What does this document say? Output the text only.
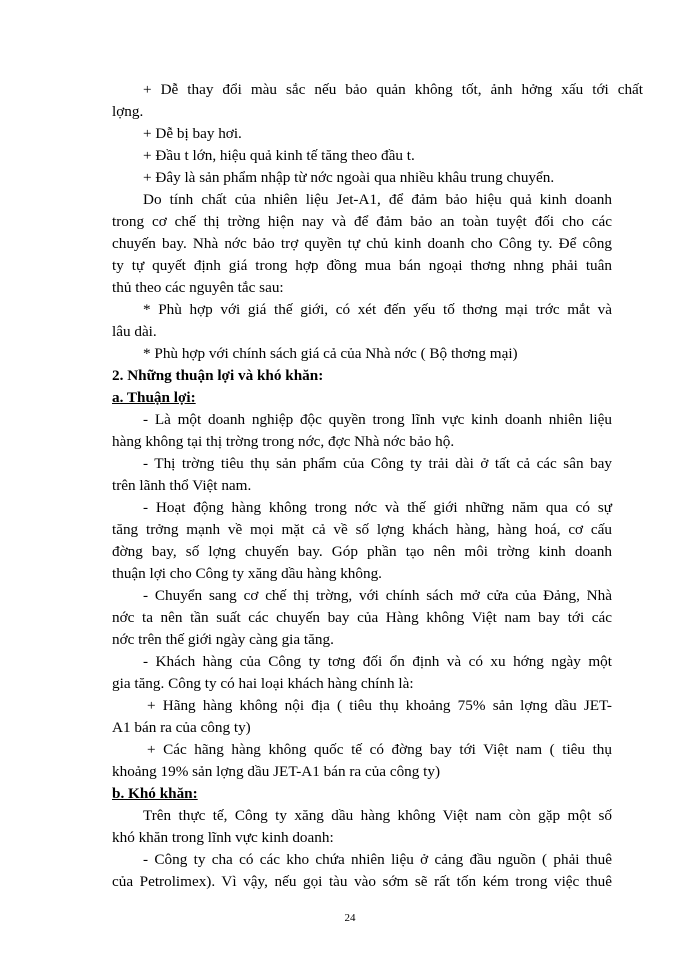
+ Dễ thay đổi màu sắc nếu bảo quản không tốt, ảnh hởng xấu tới chất
lợng.
+ Dễ bị bay hơi.
+ Đầu t lớn, hiệu quả kinh tế tăng theo đầu t.
+ Đây là sản phẩm nhập từ nớc ngoài qua nhiều khâu trung chuyển.
Do tính chất của nhiên liệu Jet-A1, để đảm bảo hiệu quả kinh doanh
trong cơ chế thị trờng hiện nay và để đảm bảo an toàn tuyệt đối cho các
chuyến bay. Nhà nớc bảo trợ quyền tự chủ kinh doanh cho Công ty. Để công
ty tự quyết định giá trong hợp đồng mua bán ngoại thơng nhng phải tuân
thủ theo các nguyên tắc sau:
* Phù hợp với giá thế giới, có xét đến yếu tố thơng mại trớc mắt và
lâu dài.
* Phù hợp với chính sách giá cả của Nhà nớc ( Bộ thơng mại)
2. Những thuận lợi và khó khăn:
a. Thuận lợi:
- Là một doanh nghiệp độc quyền trong lĩnh vực kinh doanh nhiên liệu
hàng không tại thị trờng trong nớc, đợc Nhà nớc bảo hộ.
- Thị trờng tiêu thụ sản phẩm của Công ty trải dài ở tất cả các sân bay
trên lãnh thổ Việt nam.
- Hoạt động hàng không trong nớc và thế giới những năm qua có sự
tăng trởng mạnh về mọi mặt cả về số lợng khách hàng, hàng hoá, cơ cấu
đờng bay, số lợng chuyến bay. Góp phần tạo nên môi trờng kinh doanh
thuận lợi cho Công ty xăng dầu hàng không.
- Chuyển sang cơ chế thị trờng, với chính sách mở cửa của Đảng, Nhà
nớc ta nên tần suất các chuyến bay của Hàng không Việt nam bay tới các
nớc trên thế giới ngày càng gia tăng.
- Khách hàng của Công ty tơng đối ổn định và có xu hớng ngày một
gia tăng. Công ty có hai loại khách hàng chính là:
+ Hãng hàng không nội địa ( tiêu thụ khoảng 75% sản lợng dầu JET-
A1 bán ra của công ty)
+ Các hãng hàng không quốc tế có đờng bay tới Việt nam ( tiêu thụ
khoảng 19% sản lợng dầu JET-A1 bán ra của công ty)
b. Khó khăn:
Trên thực tế, Công ty xăng dầu hàng không Việt nam còn gặp một số
khó khăn trong lĩnh vực kinh doanh:
- Công ty cha có các kho chứa nhiên liệu ở cảng đầu nguồn ( phải thuê
của Petrolimex). Vì vậy, nếu gọi tàu vào sớm sẽ rất tốn kém trong việc thuê
24
